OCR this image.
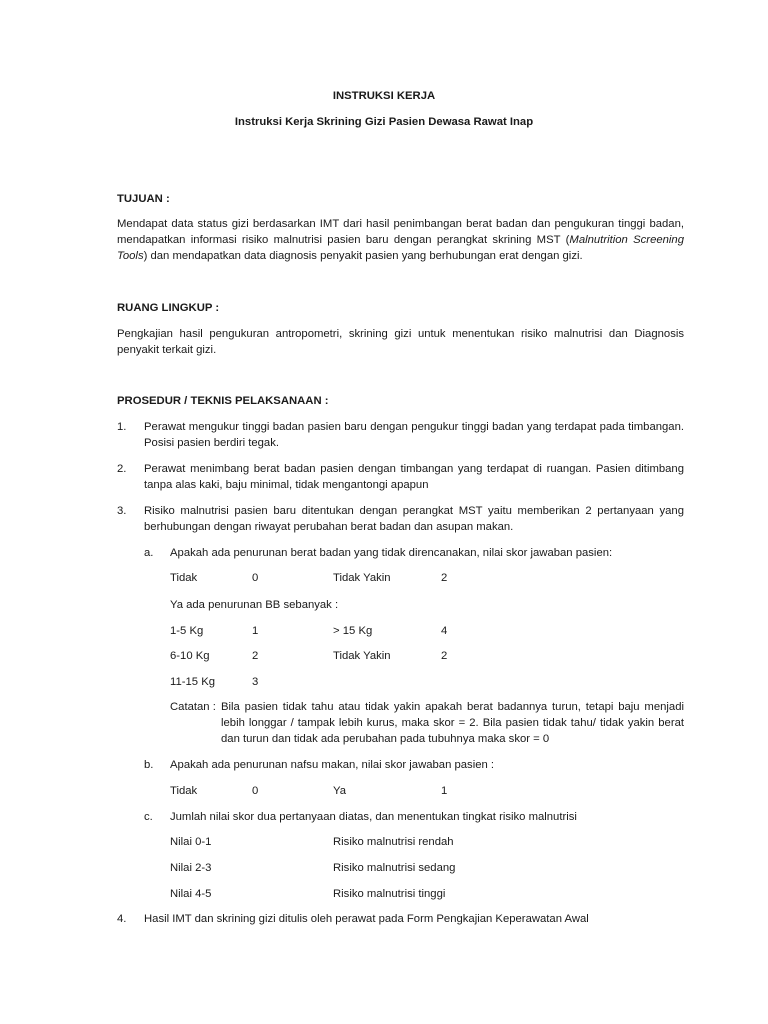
INSTRUKSI KERJA
Instruksi Kerja Skrining Gizi Pasien Dewasa Rawat Inap
TUJUAN :
Mendapat data status gizi berdasarkan IMT dari hasil penimbangan berat badan dan pengukuran tinggi badan, mendapatkan informasi risiko malnutrisi pasien baru dengan perangkat skrining MST (Malnutrition Screening Tools) dan mendapatkan data diagnosis penyakit pasien yang berhubungan erat dengan gizi.
RUANG LINGKUP :
Pengkajian hasil pengukuran antropometri, skrining gizi untuk menentukan risiko malnutrisi dan Diagnosis penyakit terkait gizi.
PROSEDUR / TEKNIS PELAKSANAAN :
1. Perawat mengukur tinggi badan pasien baru dengan pengukur tinggi badan yang terdapat pada timbangan. Posisi pasien berdiri tegak.
2. Perawat menimbang berat badan pasien dengan timbangan yang terdapat di ruangan. Pasien ditimbang tanpa alas kaki, baju minimal, tidak mengantongi apapun
3. Risiko malnutrisi pasien baru ditentukan dengan perangkat MST yaitu memberikan 2 pertanyaan yang berhubungan dengan riwayat perubahan berat badan dan asupan makan.
a. Apakah ada penurunan berat badan yang tidak direncanakan, nilai skor jawaban pasien:
Tidak	0	Tidak Yakin	2
Ya ada penurunan BB sebanyak :
1-5 Kg	1	> 15 Kg	4
6-10 Kg	2	Tidak Yakin	2
11-15 Kg	3
Catatan : Bila pasien tidak tahu atau tidak yakin apakah berat badannya turun, tetapi baju menjadi lebih longgar / tampak lebih kurus, maka skor = 2. Bila pasien tidak tahu/ tidak yakin berat dan turun dan tidak ada perubahan pada tubuhnya maka skor = 0
b. Apakah ada penurunan nafsu makan, nilai skor jawaban pasien :
Tidak	0	Ya	1
c. Jumlah nilai skor dua pertanyaan diatas, dan menentukan tingkat risiko malnutrisi
Nilai 0-1	Risiko malnutrisi rendah
Nilai 2-3	Risiko malnutrisi sedang
Nilai 4-5	Risiko malnutrisi tinggi
4. Hasil IMT dan skrining gizi ditulis oleh perawat pada Form Pengkajian Keperawatan Awal
